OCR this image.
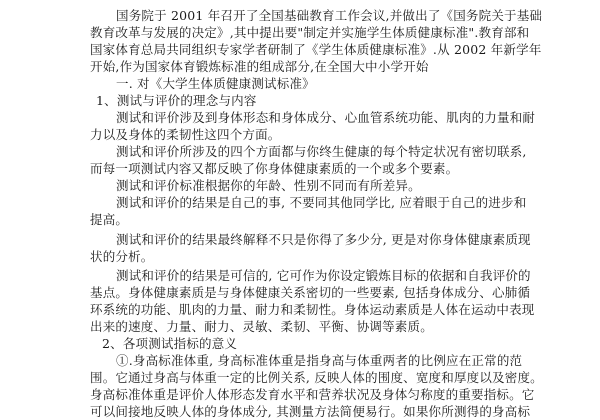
国务院于 2001 年召开了全国基础教育工作会议,并做出了《国务院关于基础

教育改革与发展的决定》,其中提出要"制定并实施学生体质健康标准".教育部和

国家体育总局共同组织专家学者研制了《学生体质健康标准》.从 2002 年新学年

开始,作为国家体育锻炼标准的组成部分,在全国大中小学开始

一. 对《大学生体质健康测试标准》

1、测试与评价的理念与内容

测试和评价涉及到身体形态和身体成分、心血管系统功能、肌肉的力量和耐

力以及身体的柔韧性这四个方面。

测试和评价所涉及的四个方面都与你终生健康的每个特定状况有密切联系,

而每一项测试内容又都反映了你身体健康素质的一个或多个要素。

测试和评价标准根据你的年龄、性别不同而有所差异。

测试和评价的结果是自己的事, 不要同其他同学比, 应着眼于自己的进步和

提高。

测试和评价的结果最终解释不只是你得了多少分, 更是对你身体健康素质现

状的分析。

测试和评价的结果是可信的, 它可作为你设定锻炼目标的依据和自我评价的

基点。身体健康素质是与身体健康关系密切的一些要素, 包括身体成分、心肺循

环系统的功能、肌肉的力量、耐力和柔韧性。身体运动素质是人体在运动中表现

出来的速度、力量、耐力、灵敏、柔韧、平衡、协调等素质。

2、各项测试指标的意义

①.身高标准体重, 身高标准体重是指身高与体重两者的比例应在正常的范

围。它通过身高与体重一定的比例关系, 反映人体的围度、宽度和厚度以及密度。

身高标准体重是评价人体形态发育水平和营养状况及身体匀称度的重要指标。它

可以间接地反映人体的身体成分, 其测量方法简便易行。如果你所测得的身高标
